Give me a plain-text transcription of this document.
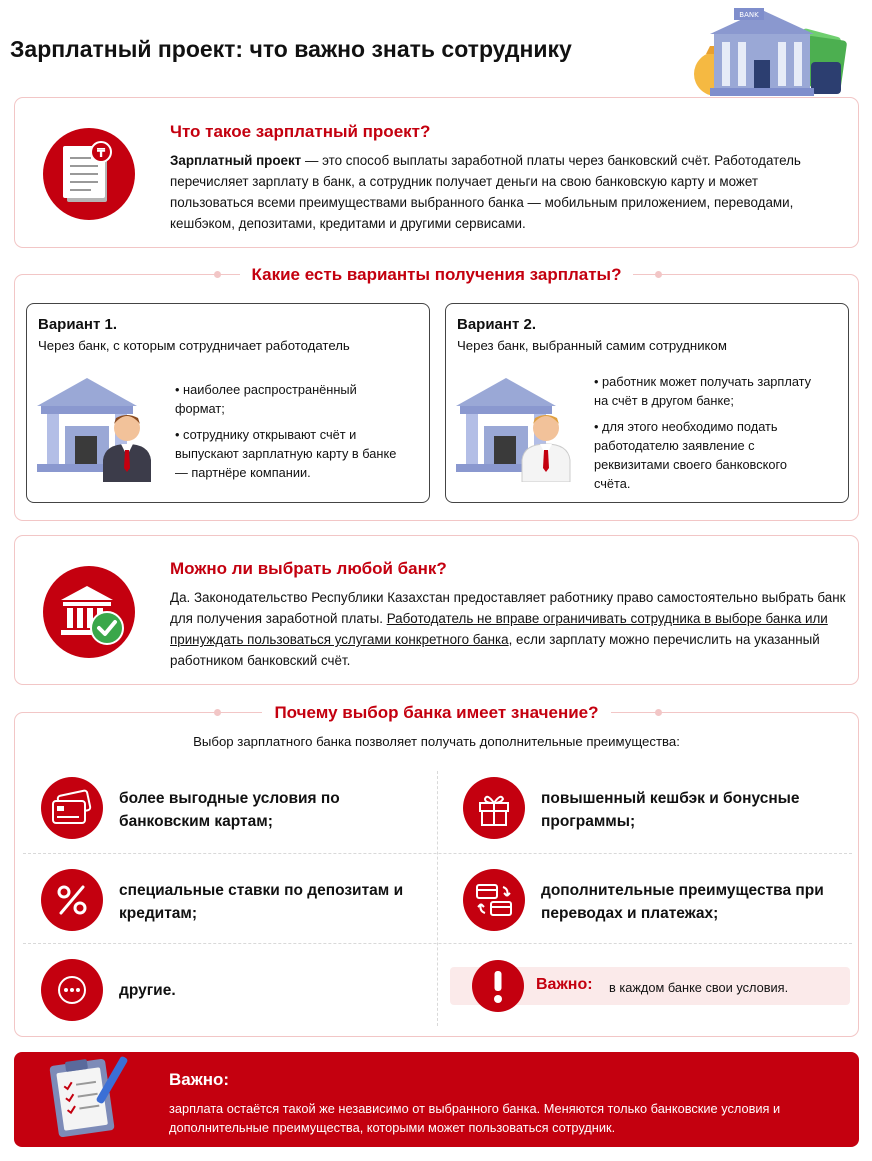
Зарплатный проект: что важно знать сотруднику
BANK
₸
Что такое зарплатный проект?
Зарплатный проект — это способ выплаты заработной платы через банковский счёт. Работодатель перечисляет зарплату в банк, а сотрудник получает деньги на свою банковскую карту и может пользоваться всеми преимуществами выбранного банка — мобильным приложением, переводами, кешбэком, депозитами, кредитами и другими сервисами.
Какие есть варианты получения зарплаты?
Вариант 1.
Через банк, с которым сотрудничает работодатель
• наиболее распространённый формат;
• сотруднику открывают счёт и выпускают зарплатную карту в банке — партнёре компании.
Вариант 2.
Через банк, выбранный самим сотрудником
• работник может получать зарплату на счёт в другом банке;
• для этого необходимо подать работодателю заявление с реквизитами своего банковского счёта.
Можно ли выбрать любой банк?
Да. Законодательство Республики Казахстан предоставляет работнику право самостоятельно выбрать банк для получения заработной платы. Работодатель не вправе ограничивать сотрудника в выборе банка или принуждать пользоваться услугами конкретного банка, если зарплату можно перечислить на указанный работником банковский счёт.
Почему выбор банка имеет значение?
Выбор зарплатного банка позволяет получать дополнительные преимущества:
более выгодные условия по банковским картам;
повышенный кешбэк и бонусные программы;
специальные ставки по депозитам и кредитам;
дополнительные преимущества при переводах и платежах;
другие.	Важно: в каждом банке свои условия.
Важно:
зарплата остаётся такой же независимо от выбранного банка. Меняются только банковские условия и дополнительные преимущества, которыми может пользоваться сотрудник.
